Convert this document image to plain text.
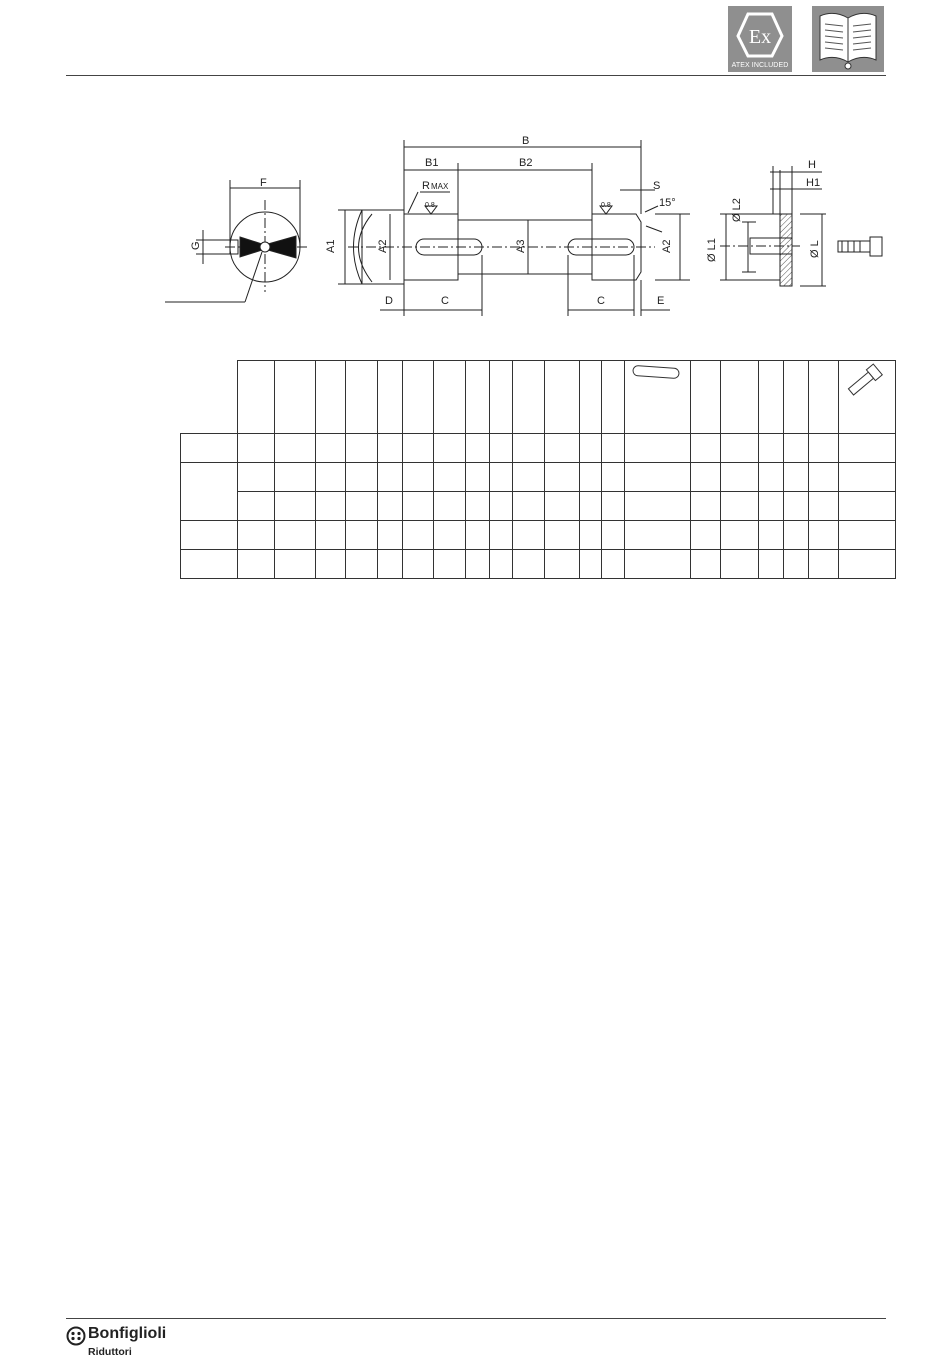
Ex
ATEX INCLUDED
B
B1	B2
S
R MAX
0.8	0.8	15°
A1	A2	A3	A2
D	C	C	E
F
G
H
H1
Ø L2
Ø L1	Ø L

Bonfiglioli
Riduttori
